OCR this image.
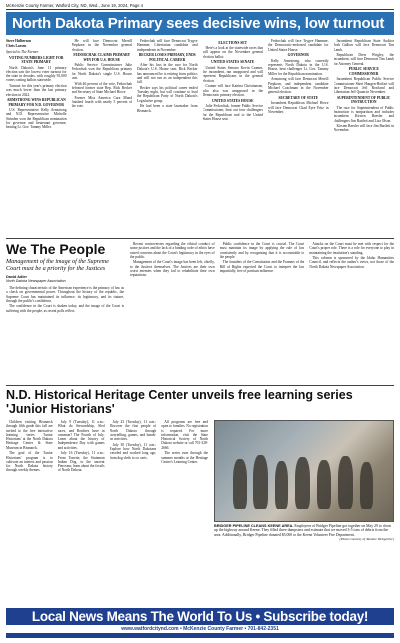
McKenzie County Farmer, Watford City, ND, Wed., June 19, 2024, Page 4
North Dakota Primary sees decisive wins, low turnout

Steve Halberson

Chris Larsen

Special to The Farmer

VOTING NUMBERS LIGHT FOR STATE PRIMARY

North Dakota's June 11 primary election saw the lowest voter turnout for the state in decades, with roughly 93,000 voters casting ballots statewide.

Turnout for this year's primary election was much lower than the last primary election in 2022.

ARMSTRONG WINS REPUBLICAN PRIMARY FOR N.D. GOVERNOR

U.S. Representative Kelly Armstrong and N.D. Representative Michelle Strinden won the Republican nomination for governor and lieutenant governor, beating Lt. Gov. Tammy Miller.

He will face Democrat Merrill Piepkorn in the November general election.

FEDORCHAK CLAIMS PRIMARY WIN FOR U.S. HOUSE

Public Service Commissioner Julie Fedorchak won the Republican primary for North Dakota's single U.S. House seat.

With 46 percent of the vote, Fedorchak defeated former state Rep. Rick Becker and Secretary of State Michael Howe.

Former Miss America Cara Mund finished fourth with nearly 5 percent of the vote.

Fedorchak will face Democrat Trygve Hammer, Libertarian candidate and independents in November.

BECKER LOSES PRIMARY, ENDS POLITICAL CAREER

After his loss in the race for North Dakota's U.S. House seat, Rick Becker has announced he is retiring from politics and will not run as an independent this fall.

Becker says his political career ended Tuesday night, but will continue to lead the Republican Party of North Dakota's Legislative group.

He had been a state lawmaker from Bismarck.

ELECTIONS SET

Here's a look at the statewide races that will appear on the November general election ballot:

UNITED STATES SENATE

United States Senator Kevin Cramer, the incumbent, ran unopposed and will represent Republicans in the general election.

Cramer will face Katrina Christiansen, who also was unopposed in the Democratic primary election.

UNITED STATES HOUSE

Julie Fedorchak, former Public Service Commissioner, beat out four challengers for the Republican nod to the United States House seat.

Fedorchak will face Trygve Hammer, the Democratic-endorsed candidate for United States House.

GOVERNOR

Kelly Armstrong, who currently represents North Dakota in the U.S. House, beat challenger Lt. Gov. Tammy Miller for the Republican nomination.

Armstrong will face Democrat Merrill Piepkorn, and independent candidate Michael Coachman in the November general election.

SECRETARY OF STATE

Incumbent Republican Michael Howe will face Democrat Chad Eyre Fritz in November.

Incumbent Republican State Auditor Josh Gallion will face Democrat Tim Lamb.

Republican Drew Wrigley, the incumbent, will face Democrat Tim Lamb for Attorney General.

PUBLIC SERVICE COMMISSIONER

Incumbent Republican Public Service Commissioner Sheri Haugen-Hoffart will face Democrat Jeff Rowland and Libertarian Jeff Quam in November.

SUPERINTENDENT OF PUBLIC INSTRUCTION

The race for Superintendent of Public Instruction is nonpartisan and includes incumbent Kirsten Baesler and challengers Jim Bartlett and Lisa Olson.

Kirsten Baesler will face Jim Bartlett in November.

We The People
Management of the image of the Supreme Court must be a priority for the Justices
David Adler
North Dakota Newspaper Association

The defining characteristic of the American experience is the primacy of law as a check on governmental power. Throughout the history of the republic, the Supreme Court has maintained its influence, its legitimacy, and its stature, through the public's confidence.

The confidence in the Court is shaken today, and the image of the Court is suffering with the people, as recent polls reflect.

Recent controversies regarding the ethical conduct of some justices and the lack of a binding code of ethics have raised concerns about the Court's legitimacy in the eyes of the public.

Management of the Court's image has been left, chiefly, to the Justices themselves. The Justices are their own worst enemies when they fail to rehabilitate their own reputations.

Public confidence in the Court is crucial. The Court must maintain its image by applying the rule of law consistently and by recognizing that it is accountable to the people.

The founders of the Constitution and the Framers of the Bill of Rights expected the Court to interpret the law impartially, free of partisan influence.

Attacks on the Court must be met with respect for the Court's proper role. There is a role for everyone to play in maintaining the institution's standing.

This column is sponsored by the Idaho Humanities Council, and reflects the author's views, not those of the North Dakota Newspaper Association.

N.D. Historical Heritage Center unveils free learning series 'Junior Historians'

Children visiting Bismarck through fifth grade this fall are invited to the free interactive learning series 'Junior Historians' at the North Dakota Heritage Center & State Museum in Bismarck.

The goal of the 'Junior Historians' program is to cultivate an interest and passion for North Dakota history through weekly themes.

July 9 (Tuesday), 11 a.m.: What do Stewardship, Sled races, and Bonfires have in common? The Fourth of July. Learn about the history of Independence Day with games and activities.

July 16 (Tuesday), 11 a.m.: From Tonette, the Stutzman Indian Dog, to the ancient Pterosaur, learn about the fossils of North Dakota.

July 23 (Tuesday), 11 a.m.: Discover the first people of North Dakota through storytelling, games, and hands-on activities.

July 30 (Tuesday), 11 a.m.: Explore how North Dakotans traveled and worked long ago, from dog sleds to ox carts.

All programs are free and open to families. No registration is required. For more information, visit the State Historical Society of North Dakota website or call 701-328-2666.

The series runs through the summer months at the Heritage Center's Learning Center.

BRIDGER PIPELINE CLEANS KEENE AREA. Employees of Bridger Pipeline got together on May 29 to clean up the highway around Keene. They filled three dumpsters and estimate that we moved 3-5 tons of debris from the area. Additionally, Bridger Pipeline donated $5,000 to the Keene Volunteer Fire Department.
(Photo Courtesy of Tammie Weisgerber)
Local News Means The World To Us • Subscribe today!
www.watfordcitynd.com • McKenzie County Farmer • 701-842-2351
